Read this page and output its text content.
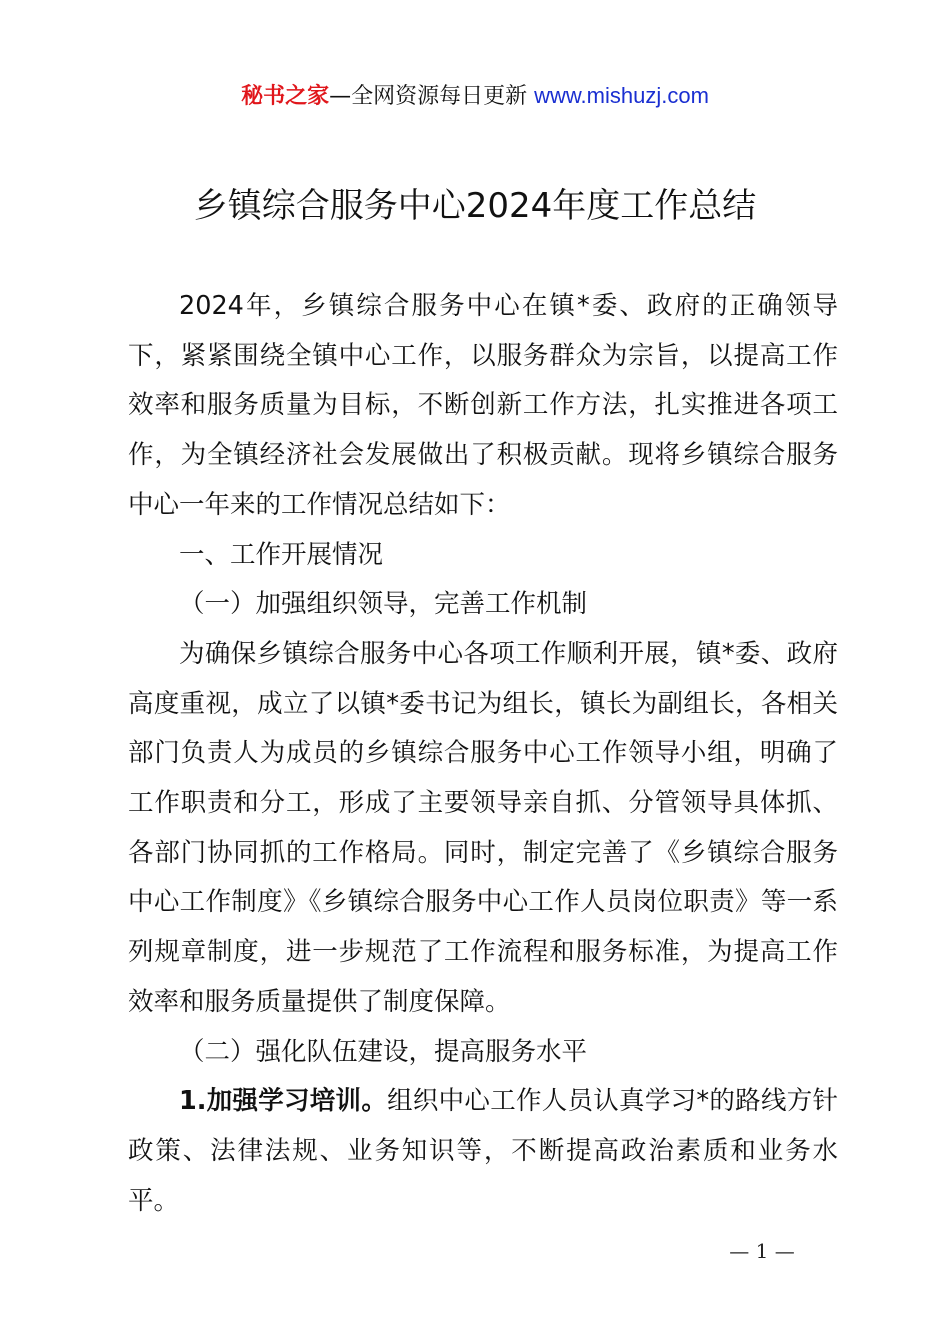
秘书之家—全网资源每日更新 www.mishuzj.com
乡镇综合服务中心2024年度工作总结

2024年，乡镇综合服务中心在镇*委、政府的正确领导下，紧紧围绕全镇中心工作，以服务群众为宗旨，以提高工作效率和服务质量为目标，不断创新工作方法，扎实推进各项工作，为全镇经济社会发展做出了积极贡献。现将乡镇综合服务中心一年来的工作情况总结如下：

一、工作开展情况

（一）加强组织领导，完善工作机制

为确保乡镇综合服务中心各项工作顺利开展，镇*委、政府高度重视，成立了以镇*委书记为组长，镇长为副组长，各相关部门负责人为成员的乡镇综合服务中心工作领导小组，明确了工作职责和分工，形成了主要领导亲自抓、分管领导具体抓、各部门协同抓的工作格局。同时，制定完善了《乡镇综合服务中心工作制度》《乡镇综合服务中心工作人员岗位职责》等一系列规章制度，进一步规范了工作流程和服务标准，为提高工作效率和服务质量提供了制度保障。

（二）强化队伍建设，提高服务水平

1.加强学习培训。组织中心工作人员认真学习*的路线方针政策、法律法规、业务知识等，不断提高政治素质和业务水平。

— 1 —
